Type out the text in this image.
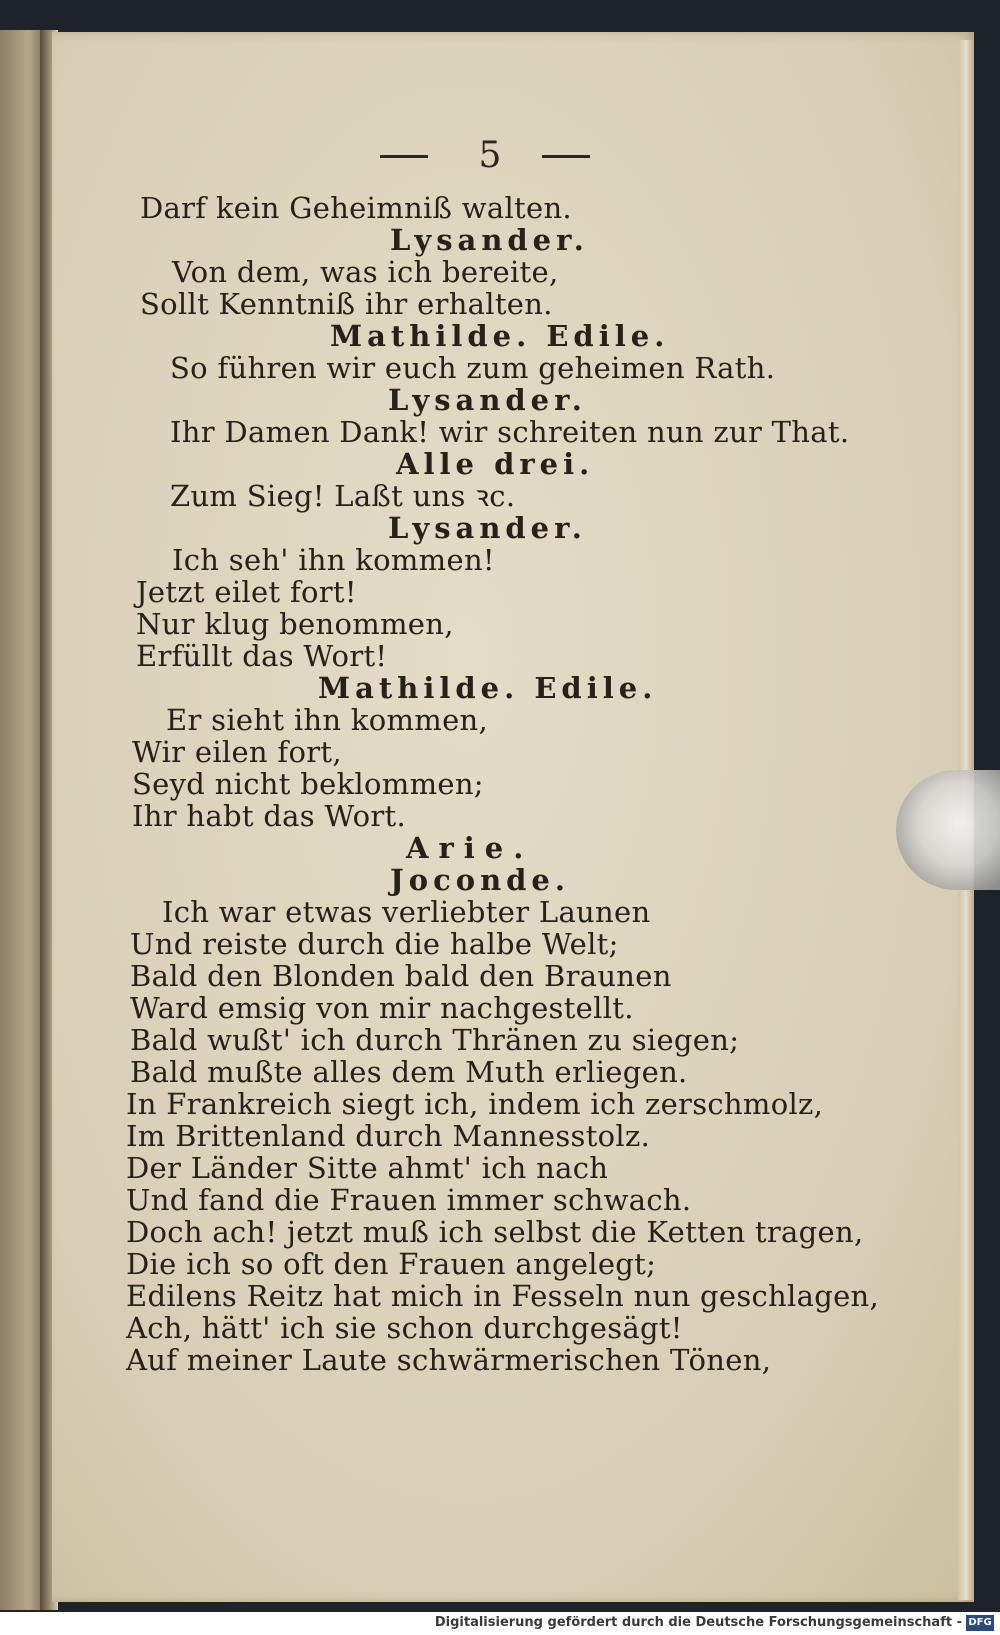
5
Darf kein Geheimniß walten.
Lysander.
Von dem, was ich bereite,
Sollt Kenntniß ihr erhalten.
Mathilde. Edile.
So führen wir euch zum geheimen Rath.
Lysander.
Ihr Damen Dank! wir schreiten nun zur That.
Alle drei.
Zum Sieg! Laßt uns ꝛc.
Lysander.
Ich seh' ihn kommen!
Jetzt eilet fort!
Nur klug benommen,
Erfüllt das Wort!
Mathilde. Edile.
Er sieht ihn kommen,
Wir eilen fort,
Seyd nicht beklommen;
Ihr habt das Wort.
Arie.
Joconde.
Ich war etwas verliebter Launen
Und reiste durch die halbe Welt;
Bald den Blonden bald den Braunen
Ward emsig von mir nachgestellt.
Bald wußt' ich durch Thränen zu siegen;
Bald mußte alles dem Muth erliegen.
In Frankreich siegt ich, indem ich zerschmolz,
Im Brittenland durch Mannesstolz.
Der Länder Sitte ahmt' ich nach
Und fand die Frauen immer schwach.
Doch ach! jetzt muß ich selbst die Ketten tragen,
Die ich so oft den Frauen angelegt;
Edilens Reitz hat mich in Fesseln nun geschlagen,
Ach, hätt' ich sie schon durchgesägt!
Auf meiner Laute schwärmerischen Tönen,
Digitalisierung gefördert durch die Deutsche Forschungsgemeinschaft - DFG
